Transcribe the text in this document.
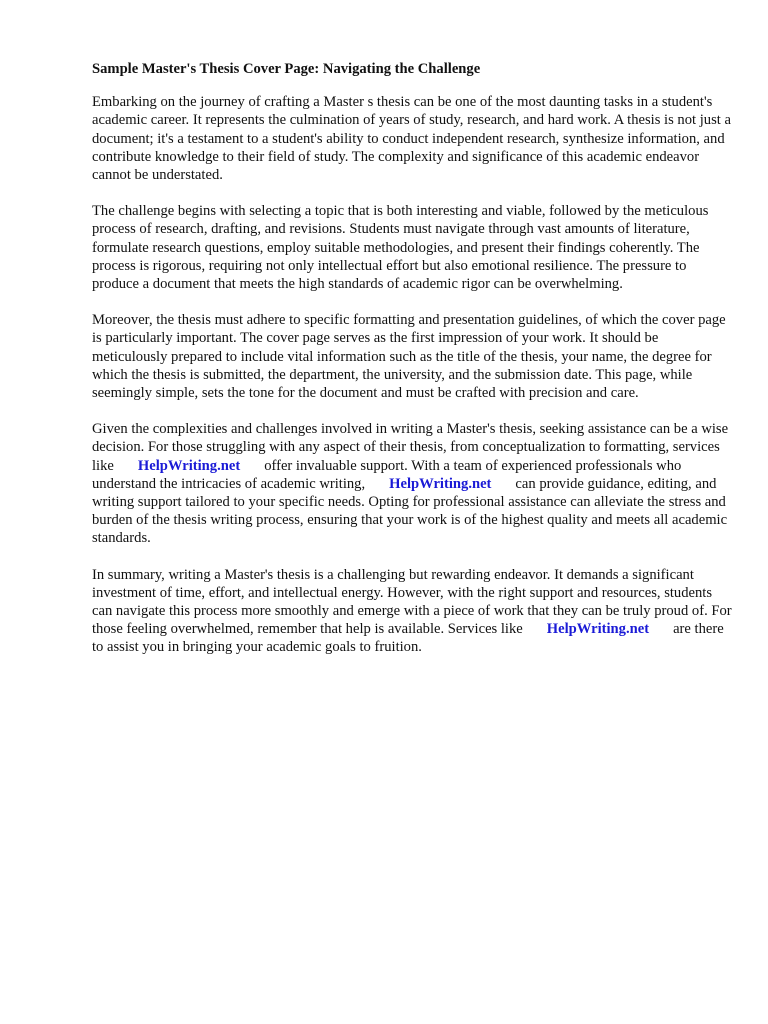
Sample Master's Thesis Cover Page: Navigating the Challenge

Embarking on the journey of crafting a Master s thesis can be one of the most daunting tasks in a student's academic career. It represents the culmination of years of study, research, and hard work. A thesis is not just a document; it's a testament to a student's ability to conduct independent research, synthesize information, and contribute knowledge to their field of study. The complexity and significance of this academic endeavor cannot be understated.

The challenge begins with selecting a topic that is both interesting and viable, followed by the meticulous process of research, drafting, and revisions. Students must navigate through vast amounts of literature, formulate research questions, employ suitable methodologies, and present their findings coherently. The process is rigorous, requiring not only intellectual effort but also emotional resilience. The pressure to produce a document that meets the high standards of academic rigor can be overwhelming.

Moreover, the thesis must adhere to specific formatting and presentation guidelines, of which the cover page is particularly important. The cover page serves as the first impression of your work. It should be meticulously prepared to include vital information such as the title of the thesis, your name, the degree for which the thesis is submitted, the department, the university, and the submission date. This page, while seemingly simple, sets the tone for the document and must be crafted with precision and care.

Given the complexities and challenges involved in writing a Master's thesis, seeking assistance can be a wise decision. For those struggling with any aspect of their thesis, from conceptualization to formatting, services like HelpWriting.net offer invaluable support. With a team of experienced professionals who understand the intricacies of academic writing, HelpWriting.net can provide guidance, editing, and writing support tailored to your specific needs. Opting for professional assistance can alleviate the stress and burden of the thesis writing process, ensuring that your work is of the highest quality and meets all academic standards.

In summary, writing a Master's thesis is a challenging but rewarding endeavor. It demands a significant investment of time, effort, and intellectual energy. However, with the right support and resources, students can navigate this process more smoothly and emerge with a piece of work that they can be truly proud of. For those feeling overwhelmed, remember that help is available. Services like HelpWriting.net are there to assist you in bringing your academic goals to fruition.
